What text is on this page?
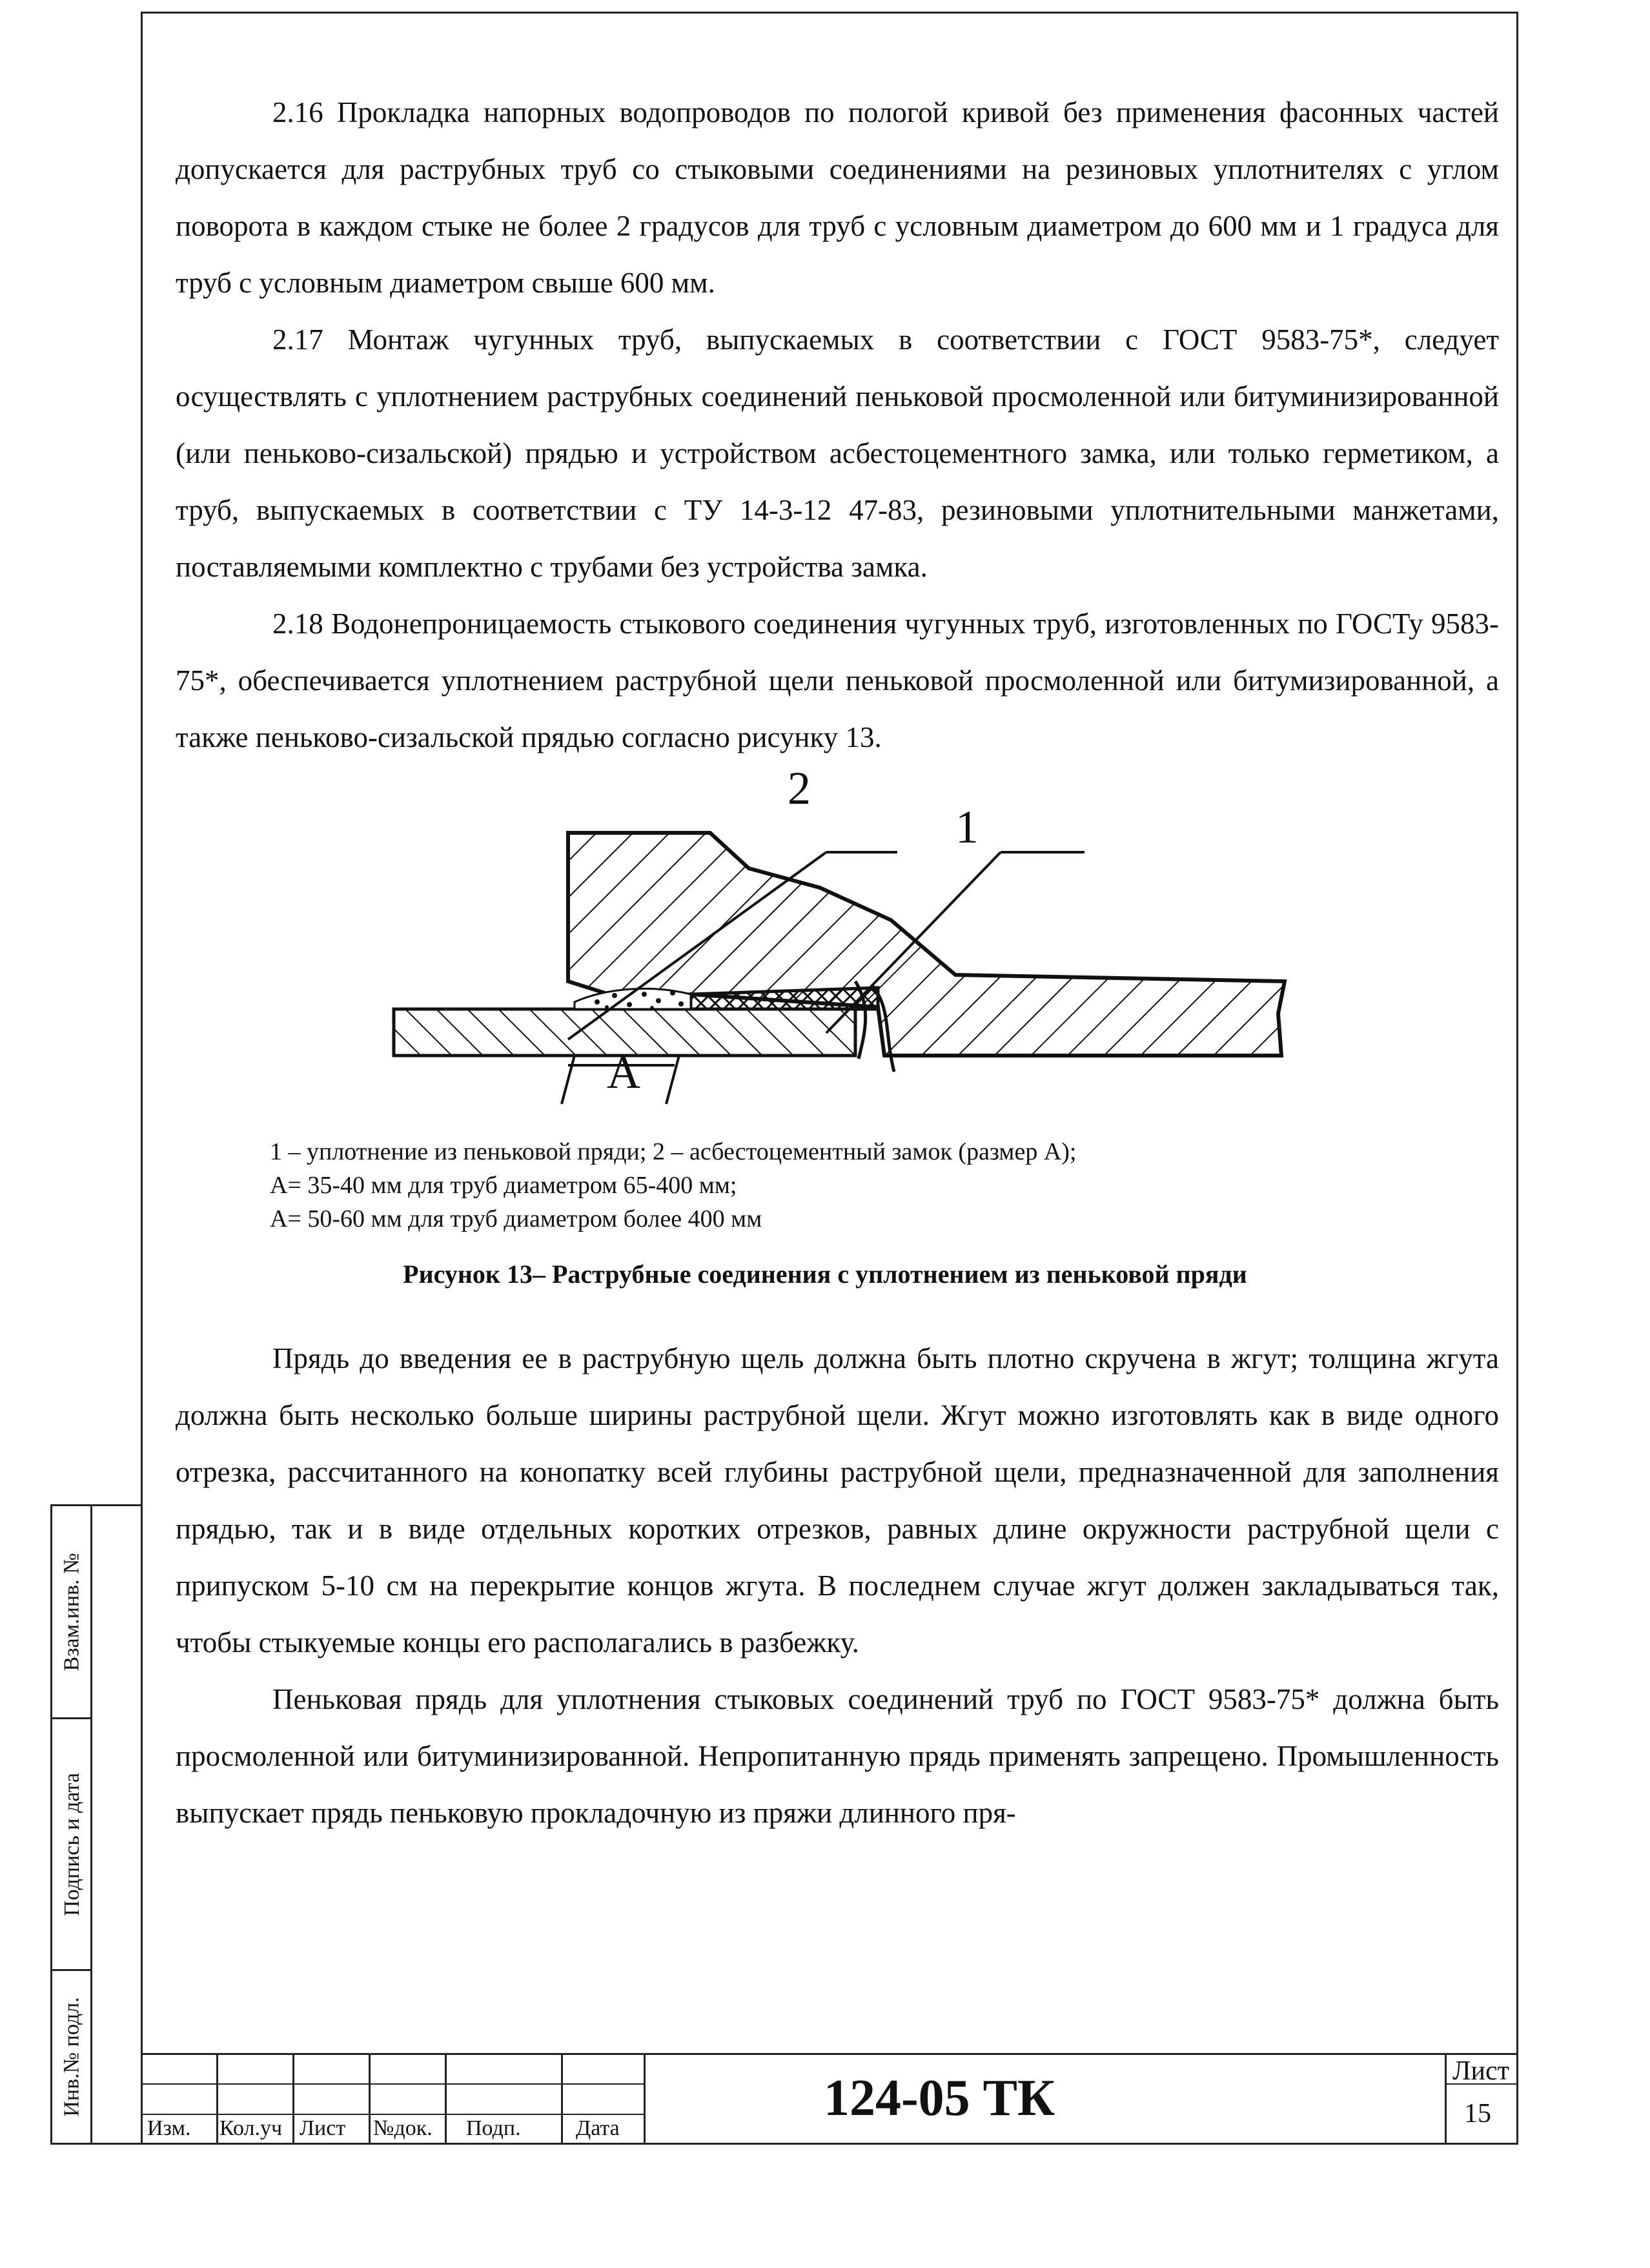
Взам.инв. №
Подпись и дата
Инв.№ подл.

2.16 Прокладка напорных водопроводов по пологой кривой без применения фасонных частей допускается для раструбных труб со стыковыми соединениями на резиновых уплотнителях с углом поворота в каждом стыке не более 2 градусов для труб с условным диаметром до 600 мм и 1 градуса для труб с условным диаметром свыше 600 мм.

2.17 Монтаж чугунных труб, выпускаемых в соответствии с ГОСТ 9583-75*, следует осуществлять с уплотнением раструбных соединений пеньковой просмоленной или битуминизированной (или пеньково-сизальской) прядью и устройством асбестоцементного замка, или только герметиком, а труб, выпускаемых в соответствии с ТУ 14-3-12 47-83, резиновыми уплотнительными манжетами, поставляемыми комплектно с трубами без устройства замка.

2.18 Водонепроницаемость стыкового соединения чугунных труб, изготовленных по ГОСТу 9583-75*, обеспечивается уплотнением раструбной щели пеньковой просмоленной или битумизированной, а также пеньково-сизальской прядью согласно рисунку 13.

2
1
А
1 – уплотнение из пеньковой пряди; 2 – асбестоцементный замок (размер А);
А= 35-40 мм для труб диаметром 65-400 мм;
А= 50-60 мм для труб диаметром более 400 мм
Рисунок 13– Раструбные соединения с уплотнением из пеньковой пряди

Прядь до введения ее в раструбную щель должна быть плотно скручена в жгут; толщина жгута должна быть несколько больше ширины раструбной щели. Жгут можно изготовлять как в виде одного отрезка, рассчитанного на конопатку всей глубины раструбной щели, предназначенной для заполнения прядью, так и в виде отдельных коротких отрезков, равных длине окружности раструбной щели с припуском 5-10 см на перекрытие концов жгута. В последнем случае жгут должен закладываться так, чтобы стыкуемые концы его располагались в разбежку.

Пеньковая прядь для уплотнения стыковых соединений труб по ГОСТ 9583-75* должна быть просмоленной или битуминизированной. Непропитанную прядь применять запрещено. Промышленность выпускает прядь пеньковую прокладочную из пряжи длинного пря-

Изм. Кол.уч Лист №док. Подп.	Дата
124-05 ТК	Лист
15
